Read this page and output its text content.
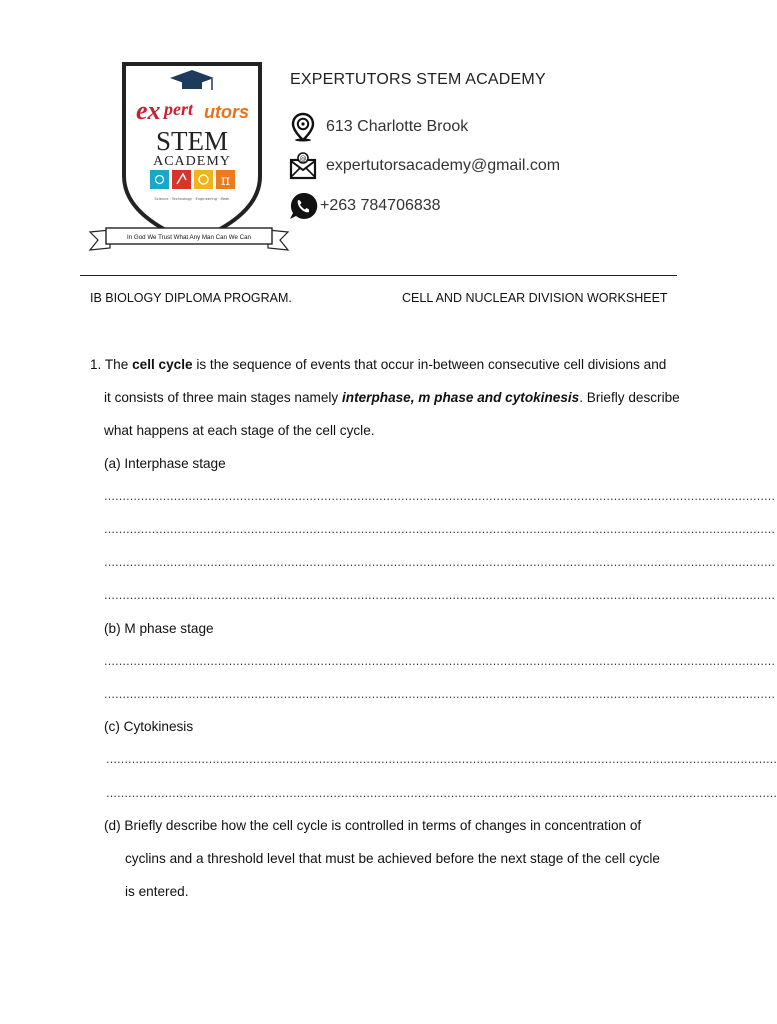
ex pert utors
STEM
ACADEMY
π
Science · Technology · Engineering · Math
In God We Trust What Any Man Can We Can
EXPERTUTORS STEM ACADEMY
613 Charlotte Brook
@ expertutorsacademy@gmail.com
+263 784706838
IB BIOLOGY DIPLOMA PROGRAM.	CELL AND NUCLEAR DIVISION WORKSHEET
1. The cell cycle is the sequence of events that occur in-between consecutive cell divisions and
it consists of three main stages namely interphase, m phase and cytokinesis. Briefly describe
what happens at each stage of the cell cycle.
(a) Interphase stage
…………………………………………………………………………………………………………………………………………………………………
…………………………………………………………………………………………………………………………………………………………………
…………………………………………………………………………………………………………………………………………………………………
…………………………………………………………………………………………………………………………………………………………………
(b) M phase stage
…………………………………………………………………………………………………………………………………………………………………
…………………………………………………………………………………………………………………………………………………………………
(c) Cytokinesis
…………………………………………………………………………………………………………………………………………………………………
…………………………………………………………………………………………………………………………………………………………………
(d) Briefly describe how the cell cycle is controlled in terms of changes in concentration of
cyclins and a threshold level that must be achieved before the next stage of the cell cycle
is entered.
